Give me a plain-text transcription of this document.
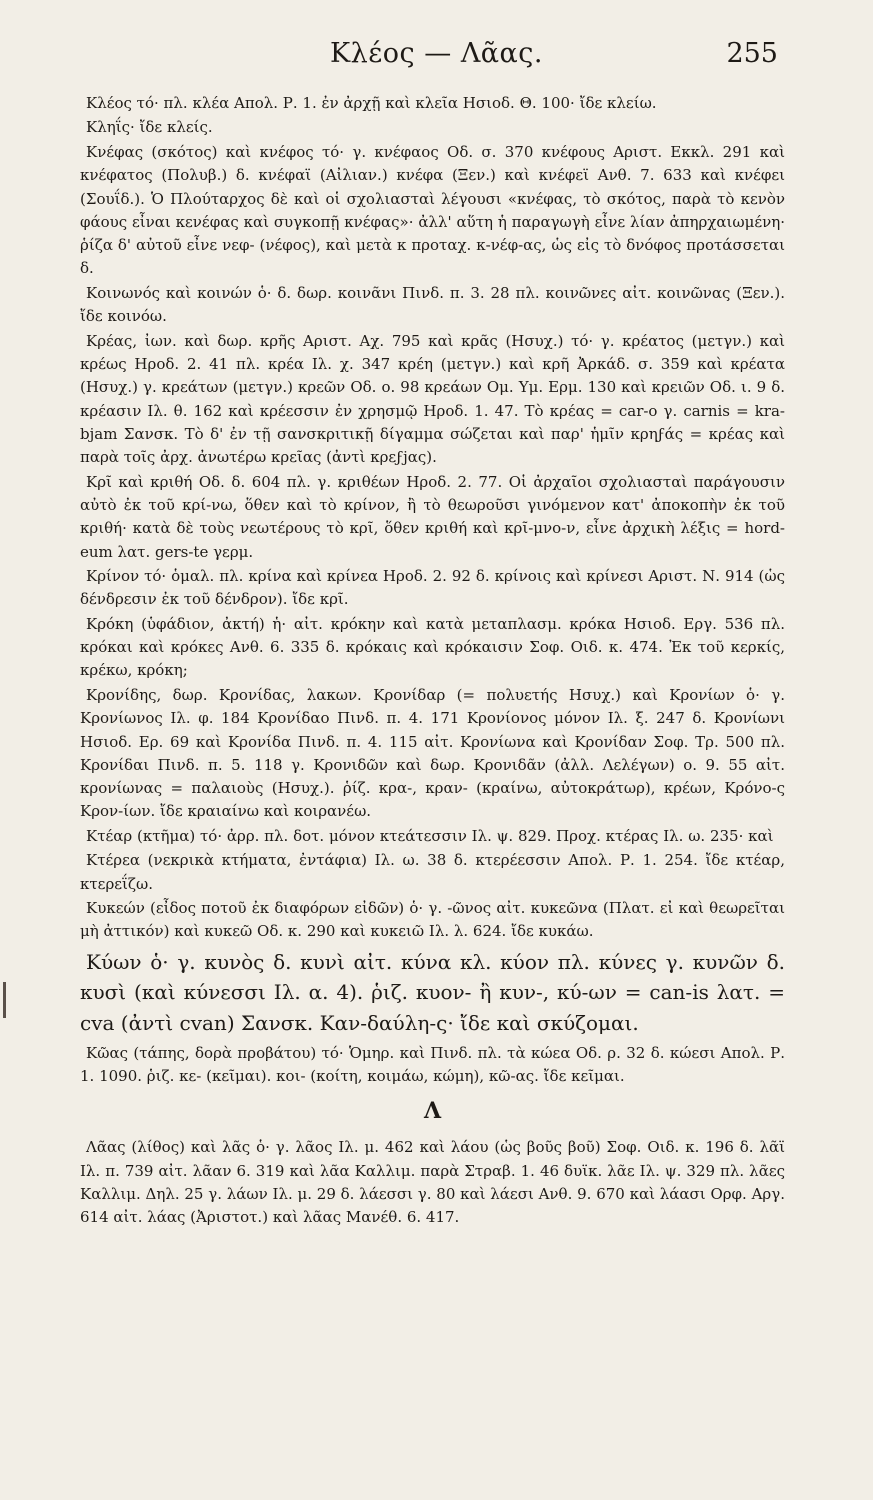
Κλέος — Λᾶας.	255

Κλέος τό· πλ. κλέα Απολ. Ρ. 1. ἐν ἀρχῇ καὶ κλεῖα Ησιοδ. Θ. 100· ἴδε κλείω.

Κληΐς· ἴδε κλείς.

Κνέφας (σκότος) καὶ κνέφος τό· γ. κνέφαος Οδ. σ. 370 κνέφους Αριστ. Εκκλ. 291 καὶ κνέφατος (Πολυβ.) δ. κνέφαϊ (Αἰλιαν.) κνέφα (Ξεν.) καὶ κνέφεϊ Ανθ. 7. 633 καὶ κνέφει (Σουΐδ.). Ὁ Πλούταρχος δὲ καὶ οἱ σχολιασταὶ λέγουσι «κνέφας, τὸ σκότος, παρὰ τὸ κενὸν φάους εἶναι κενέφας καὶ συγκοπῇ κνέφας»· ἀλλ' αὕτη ἡ παραγωγὴ εἶνε λίαν ἀπηρχαιωμένη· ῥίζα δ' αὐτοῦ εἶνε νεφ- (νέφος), καὶ μετὰ κ προταχ. κ-νέφ-ας, ὡς εἰς τὸ δνόφος προτάσσεται δ.

Κοινωνός καὶ κοινών ὁ· δ. δωρ. κοινᾶνι Πινδ. π. 3. 28 πλ. κοινῶνες αἰτ. κοινῶνας (Ξεν.). ἴδε κοινόω.

Κρέας, ἰων. καὶ δωρ. κρῆς Αριστ. Αχ. 795 καὶ κρᾶς (Ησυχ.) τό· γ. κρέατος (μετγν.) καὶ κρέως Ηροδ. 2. 41 πλ. κρέα Ιλ. χ. 347 κρέη (μετγν.) καὶ κρῆ Ἀρκάδ. σ. 359 καὶ κρέατα (Ησυχ.) γ. κρεάτων (μετγν.) κρεῶν Οδ. ο. 98 κρεάων Ομ. Υμ. Ερμ. 130 καὶ κρειῶν Οδ. ι. 9 δ. κρέασιν Ιλ. θ. 162 καὶ κρέεσσιν ἐν χρησμῷ Ηροδ. 1. 47. Τὸ κρέας = car-o γ. carnis = kra-bjam Σανσκ. Τὸ δ' ἐν τῇ σανσκριτικῇ δίγαμμα σώζεται καὶ παρ' ἡμῖν κρηϝάς = κρέας καὶ παρὰ τοῖς ἀρχ. ἀνωτέρω κρεῖας (ἀντὶ κρεϝjας).

Κρῖ καὶ κριθή Οδ. δ. 604 πλ. γ. κριθέων Ηροδ. 2. 77. Οἱ ἀρχαῖοι σχολιασταὶ παράγουσιν αὐτὸ ἐκ τοῦ κρί-νω, ὅθεν καὶ τὸ κρίνον, ἢ τὸ θεωροῦσι γινόμενον κατ' ἀποκοπὴν ἐκ τοῦ κριθή· κατὰ δὲ τοὺς νεωτέρους τὸ κρῖ, ὅθεν κριθή καὶ κρῖ-μνο-ν, εἶνε ἀρχικὴ λέξις = hord-eum λατ. gers-te γερμ.

Κρίνον τό· ὁμαλ. πλ. κρίνα καὶ κρίνεα Ηροδ. 2. 92 δ. κρίνοις καὶ κρίνεσι Αριστ. Ν. 914 (ὡς δένδρεσιν ἐκ τοῦ δένδρον). ἴδε κρῖ.

Κρόκη (ὑφάδιον, ἀκτή) ἡ· αἰτ. κρόκην καὶ κατὰ μεταπλασμ. κρόκα Ησιοδ. Εργ. 536 πλ. κρόκαι καὶ κρόκες Ανθ. 6. 335 δ. κρόκαις καὶ κρόκαισιν Σοφ. Οιδ. κ. 474. Ἐκ τοῦ κερκίς, κρέκω, κρόκη;

Κρονίδης, δωρ. Κρονίδας, λακων. Κρονίδαρ (= πολυετής Ησυχ.) καὶ Κρονίων ὁ· γ. Κρονίωνος Ιλ. φ. 184 Κρονίδαο Πινδ. π. 4. 171 Κρονίονος μόνον Ιλ. ξ. 247 δ. Κρονίωνι Ησιοδ. Ερ. 69 καὶ Κρονίδα Πινδ. π. 4. 115 αἰτ. Κρονίωνα καὶ Κρονίδαν Σοφ. Τρ. 500 πλ. Κρονίδαι Πινδ. π. 5. 118 γ. Κρονιδῶν καὶ δωρ. Κρονιδᾶν (ἀλλ. Λελέγων) ο. 9. 55 αἰτ. κρονίωνας = παλαιοὺς (Ησυχ.). ῥίζ. κρα-, κραν- (κραίνω, αὐτοκράτωρ), κρέων, Κρόνο-ς Κρον-ίων. ἴδε κραιαίνω καὶ κοιρανέω.

Κτέαρ (κτῆμα) τό· ἀρρ. πλ. δοτ. μόνον κτεάτεσσιν Ιλ. ψ. 829. Προχ. κτέρας Ιλ. ω. 235· καὶ

Κτέρεα (νεκρικὰ κτήματα, ἐντάφια) Ιλ. ω. 38 δ. κτερέεσσιν Απολ. Ρ. 1. 254. ἴδε κτέαρ, κτερεΐζω.

Κυκεών (εἶδος ποτοῦ ἐκ διαφόρων εἰδῶν) ὁ· γ. -ῶνος αἰτ. κυκεῶνα (Πλατ. εἰ καὶ θεωρεῖται μὴ ἀττικόν) καὶ κυκεῶ Οδ. κ. 290 καὶ κυκειῶ Ιλ. λ. 624. ἴδε κυκάω.

Κύων ὁ· γ. κυνὸς δ. κυνὶ αἰτ. κύνα κλ. κύον πλ. κύνες γ. κυνῶν δ. κυσὶ (καὶ κύνεσσι Ιλ. α. 4). ῥιζ. κυον- ἢ κυν-, κύ-ων = can-is λατ. = cva (ἀντὶ cvan) Σανσκ. Καν-δαύλη-ς· ἴδε καὶ σκύζομαι.

Κῶας (τάπης, δορὰ προβάτου) τό· Ὁμηρ. καὶ Πινδ. πλ. τὰ κώεα Οδ. ρ. 32 δ. κώεσι Απολ. Ρ. 1. 1090. ῥιζ. κε- (κεῖμαι). κοι- (κοίτη, κοιμάω, κώμη), κῶ-ας. ἴδε κεῖμαι.

Λ

Λᾶας (λίθος) καὶ λᾶς ὁ· γ. λᾶος Ιλ. μ. 462 καὶ λάου (ὡς βοῦς βοῦ) Σοφ. Οιδ. κ. 196 δ. λᾶϊ Ιλ. π. 739 αἰτ. λᾶαν 6. 319 καὶ λᾶα Καλλιμ. παρὰ Στραβ. 1. 46 δυϊκ. λᾶε Ιλ. ψ. 329 πλ. λᾶες Καλλιμ. Δηλ. 25 γ. λάων Ιλ. μ. 29 δ. λάεσσι γ. 80 καὶ λάεσι Ανθ. 9. 670 καὶ λάασι Ορφ. Αργ. 614 αἰτ. λάας (Ἀριστοτ.) καὶ λᾶας Μανέθ. 6. 417.
